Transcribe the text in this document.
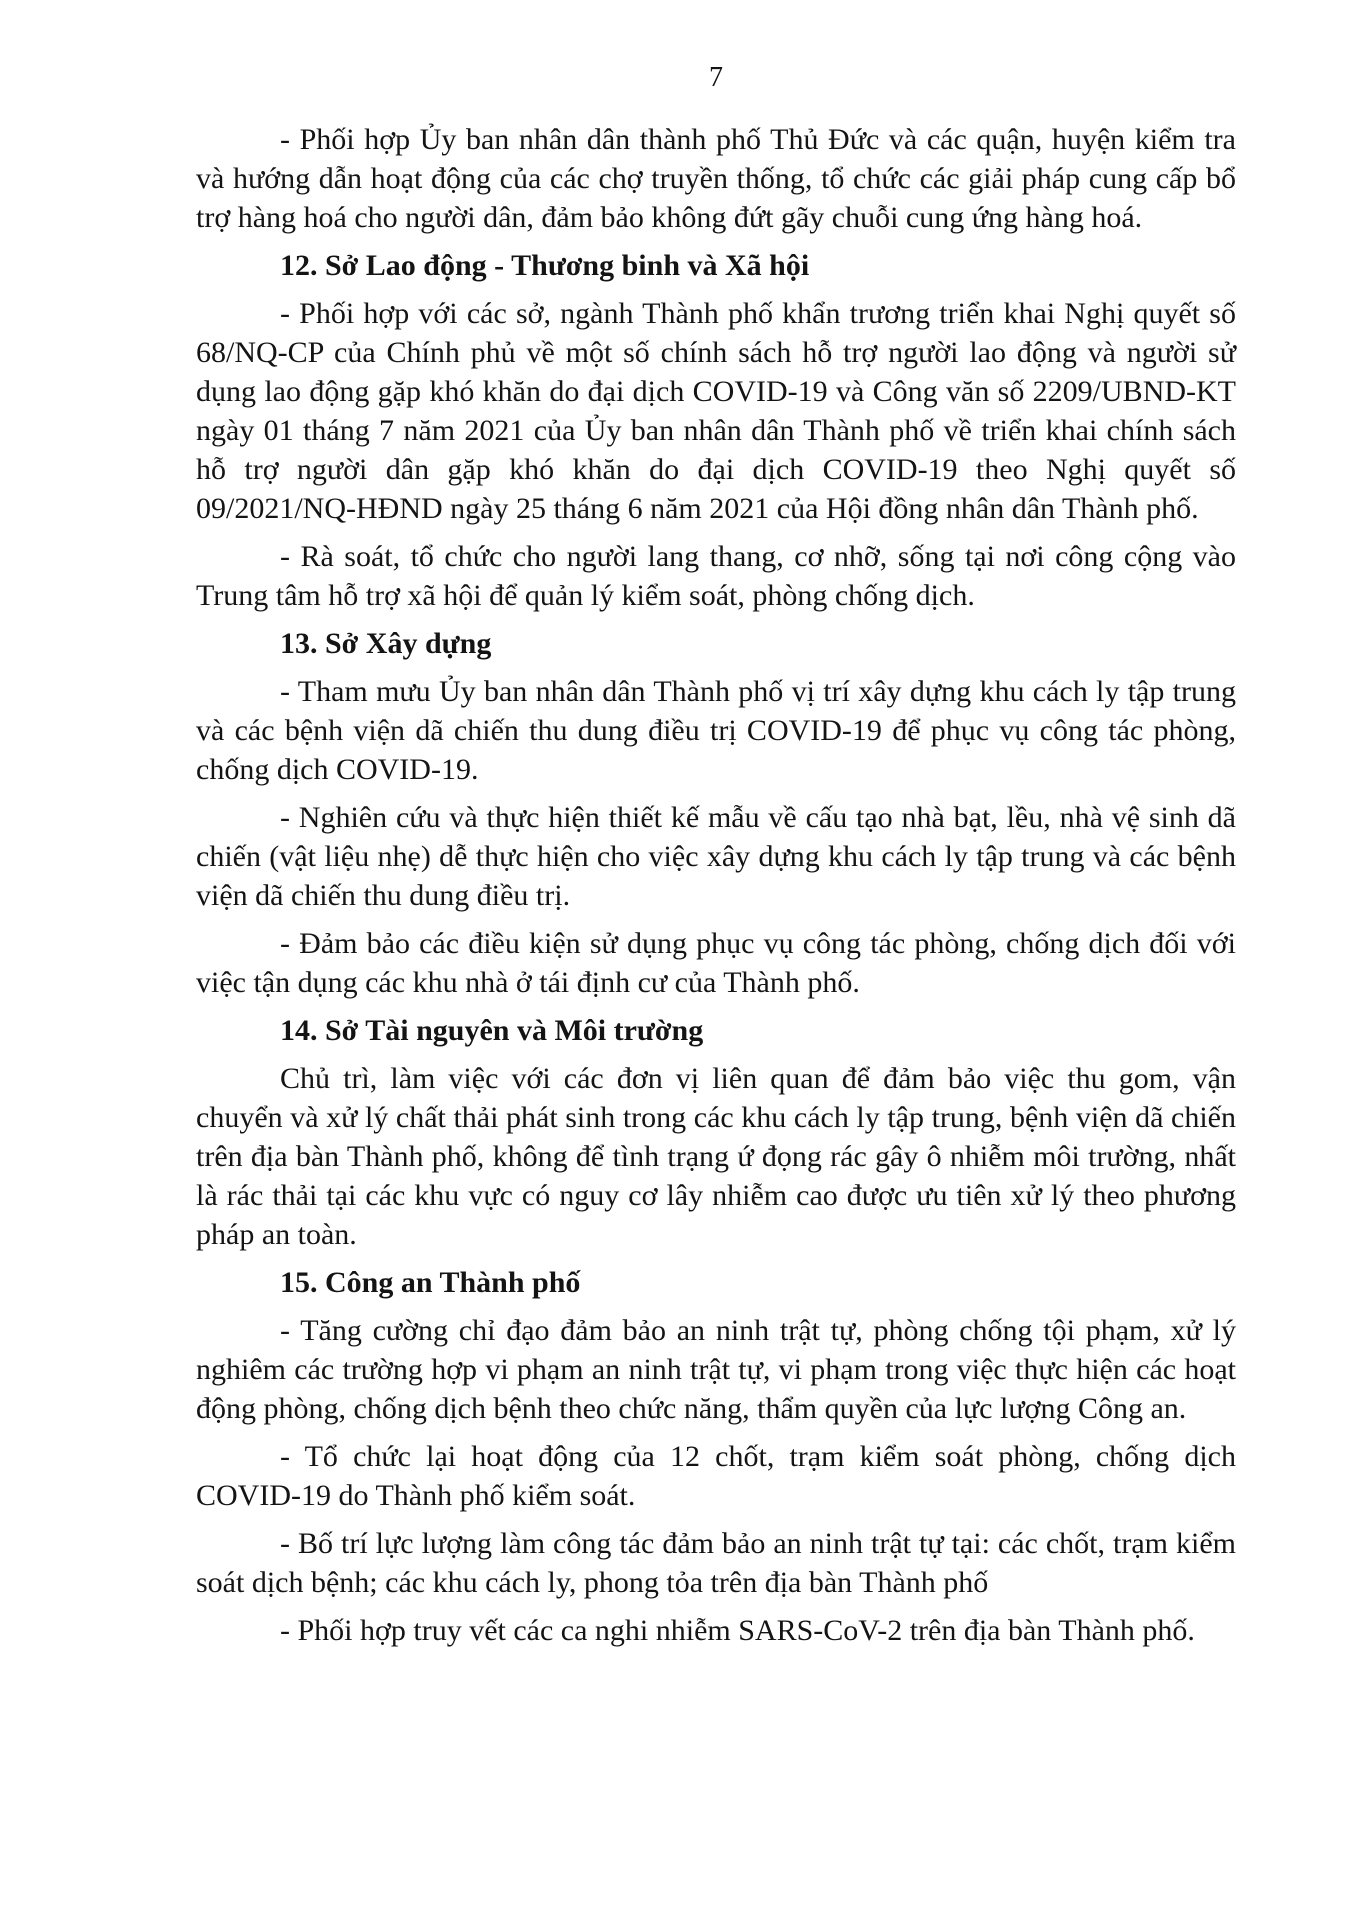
7

- Phối hợp Ủy ban nhân dân thành phố Thủ Đức và các quận, huyện kiểm tra và hướng dẫn hoạt động của các chợ truyền thống, tổ chức các giải pháp cung cấp bổ trợ hàng hoá cho người dân, đảm bảo không đứt gãy chuỗi cung ứng hàng hoá.

12. Sở Lao động - Thương binh và Xã hội

- Phối hợp với các sở, ngành Thành phố khẩn trương triển khai Nghị quyết số 68/NQ-CP của Chính phủ về một số chính sách hỗ trợ người lao động và người sử dụng lao động gặp khó khăn do đại dịch COVID-19 và Công văn số 2209/UBND-KT ngày 01 tháng 7 năm 2021 của Ủy ban nhân dân Thành phố về triển khai chính sách hỗ trợ người dân gặp khó khăn do đại dịch COVID-19 theo Nghị quyết số 09/2021/NQ-HĐND ngày 25 tháng 6 năm 2021 của Hội đồng nhân dân Thành phố.

- Rà soát, tổ chức cho người lang thang, cơ nhỡ, sống tại nơi công cộng vào Trung tâm hỗ trợ xã hội để quản lý kiểm soát, phòng chống dịch.

13. Sở Xây dựng

- Tham mưu Ủy ban nhân dân Thành phố vị trí xây dựng khu cách ly tập trung và các bệnh viện dã chiến thu dung điều trị COVID-19 để phục vụ công tác phòng, chống dịch COVID-19.

- Nghiên cứu và thực hiện thiết kế mẫu về cấu tạo nhà bạt, lều, nhà vệ sinh dã chiến (vật liệu nhẹ) dễ thực hiện cho việc xây dựng khu cách ly tập trung và các bệnh viện dã chiến thu dung điều trị.

- Đảm bảo các điều kiện sử dụng phục vụ công tác phòng, chống dịch đối với việc tận dụng các khu nhà ở tái định cư của Thành phố.

14. Sở Tài nguyên và Môi trường

Chủ trì, làm việc với các đơn vị liên quan để đảm bảo việc thu gom, vận chuyển và xử lý chất thải phát sinh trong các khu cách ly tập trung, bệnh viện dã chiến trên địa bàn Thành phố, không để tình trạng ứ đọng rác gây ô nhiễm môi trường, nhất là rác thải tại các khu vực có nguy cơ lây nhiễm cao được ưu tiên xử lý theo phương pháp an toàn.

15. Công an Thành phố

- Tăng cường chỉ đạo đảm bảo an ninh trật tự, phòng chống tội phạm, xử lý nghiêm các trường hợp vi phạm an ninh trật tự, vi phạm trong việc thực hiện các hoạt động phòng, chống dịch bệnh theo chức năng, thẩm quyền của lực lượng Công an.

- Tổ chức lại hoạt động của 12 chốt, trạm kiểm soát phòng, chống dịch COVID-19 do Thành phố kiểm soát.

- Bố trí lực lượng làm công tác đảm bảo an ninh trật tự tại: các chốt, trạm kiểm soát dịch bệnh; các khu cách ly, phong tỏa trên địa bàn Thành phố

- Phối hợp truy vết các ca nghi nhiễm SARS-CoV-2 trên địa bàn Thành phố.
